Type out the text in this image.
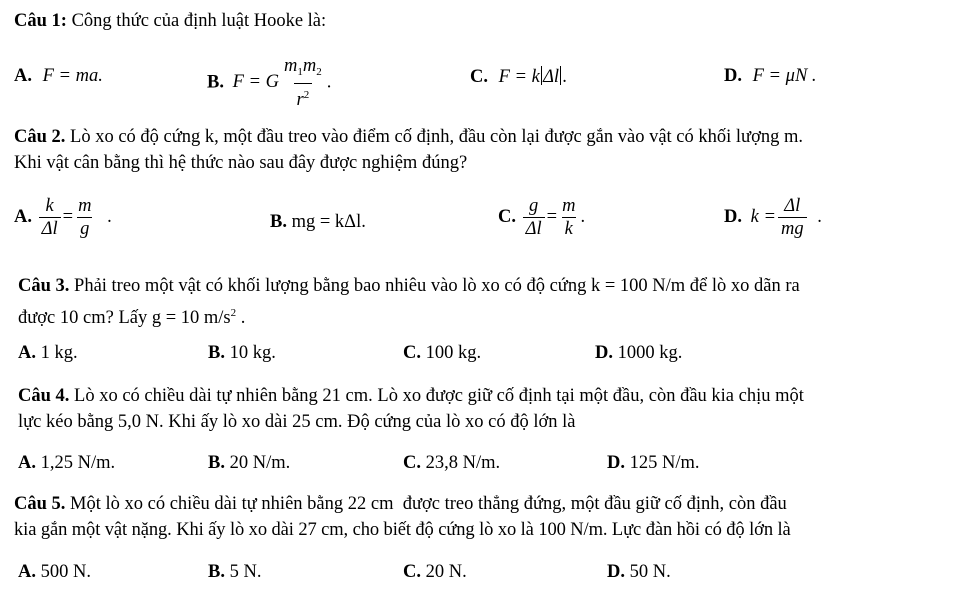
Câu 1: Công thức của định luật Hooke là:
A. F = ma.	B. F = G $\frac{m_1m_2}{r^2}$ .	C. F = k Δl .	D. F = μN .
Câu 2. Lò xo có độ cứng k, một đầu treo vào điểm cố định, đầu còn lại được gắn vào vật có khối lượng m.
Khi vật cân bằng thì hệ thức nào sau đây được nghiệm đúng?
A. $\frac{k}{\Delta l} = \frac{m}{g}$ .	B. mg = kΔl.	C. $\frac{g}{\Delta l} = \frac{m}{k}$ .	D. $k = \frac{\Delta l}{mg}$ .
Câu 3. Phải treo một vật có khối lượng bằng bao nhiêu vào lò xo có độ cứng k = 100 N/m để lò xo dãn ra
được 10 cm? Lấy g = 10 $m/s^2$ .
A. 1 kg.	B. 10 kg.	C. 100 kg.	D. 1000 kg.
Câu 4. Lò xo có chiều dài tự nhiên bằng 21 cm. Lò xo được giữ cố định tại một đầu, còn đầu kia chịu một
lực kéo bằng 5,0 N. Khi ấy lò xo dài 25 cm. Độ cứng của lò xo có độ lớn là
A. 1,25 N/m.	B. 20 N/m.	C. 23,8 N/m.	D. 125 N/m.
Câu 5. Một lò xo có chiều dài tự nhiên bằng 22 cm  được treo thẳng đứng, một đầu giữ cố định, còn đầu
kia gắn một vật nặng. Khi ấy lò xo dài 27 cm, cho biết độ cứng lò xo là 100 N/m. Lực đàn hồi có độ lớn là
A. 500 N.	B. 5 N.	C. 20 N.	D. 50 N.
